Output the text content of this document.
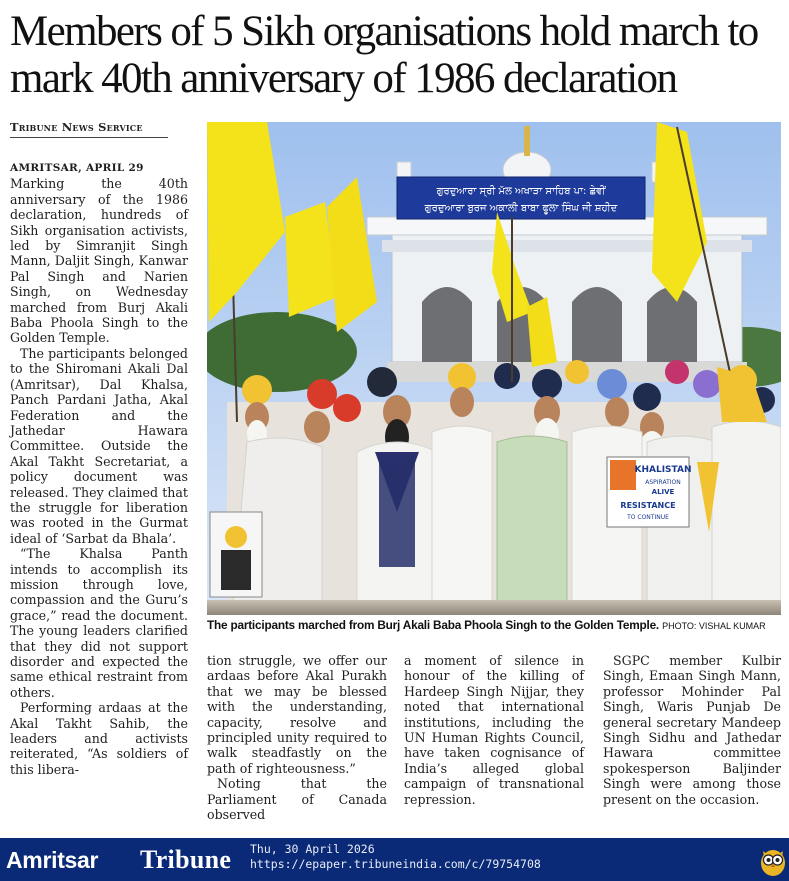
Members of 5 Sikh organisations hold march to mark 40th anniversary of 1986 declaration
Tribune News Service
AMRITSAR, APRIL 29

Marking the 40th anniversary of the 1986 declaration, hundreds of Sikh organisation activists, led by Simranjit Singh Mann, Daljit Singh, Kanwar Pal Singh and Narien Singh, on Wednesday marched from Burj Akali Baba Phoola Singh to the Golden Temple.

The participants belonged to the Shiromani Akali Dal (Amritsar), Dal Khalsa, Panch Pardani Jatha, Akal Federation and the Jathedar Hawara Committee. Outside the Akal Takht Secretariat, a policy document was released. They claimed that the struggle for liberation was rooted in the Gurmat ideal of ‘Sarbat da Bhala’.

“The Khalsa Panth intends to accomplish its mission through love, compassion and the Guru’s grace,” read the document. The young leaders clarified that they did not support disorder and expected the same ethical restraint from others.

Performing ardaas at the Akal Takht Sahib, the leaders and activists reiterated, “As soldiers of this libera-

ਗੁਰਦੁਆਰਾ ਸ੍ਰੀ ਮੱਲ ਅਖਾੜਾ ਸਾਹਿਬ ਪਾ: ਛੇਵੀਂ
ਗੁਰਦੁਆਰਾ ਬੁਰਜ ਅਕਾਲੀ ਬਾਬਾ ਫੂਲਾ ਸਿੰਘ ਜੀ ਸ਼ਹੀਦ
KHALISTAN
ASPIRATION
ALIVE
RESISTANCE
TO CONTINUE
The participants marched from Burj Akali Baba Phoola Singh to the Golden Temple. PHOTO: VISHAL KUMAR

tion struggle, we offer our ardaas before Akal Purakh that we may be blessed with the understanding, capacity, resolve and principled unity required to walk steadfastly on the path of righteousness.”

Noting that the Parliament of Canada observed

a moment of silence in honour of the killing of Hardeep Singh Nijjar, they noted that international institutions, including the UN Human Rights Council, have taken cognisance of India’s alleged global campaign of transnational repression.

SGPC member Kulbir Singh, Emaan Singh Mann, professor Mohinder Pal Singh, Waris Punjab De general secretary Mandeep Singh Sidhu and Jathedar Hawara committee spokesperson Baljinder Singh were among those present on the occasion.

Amritsar Tribune Thu, 30 April 2026
https://epaper.tribuneindia.com/c/79754708
